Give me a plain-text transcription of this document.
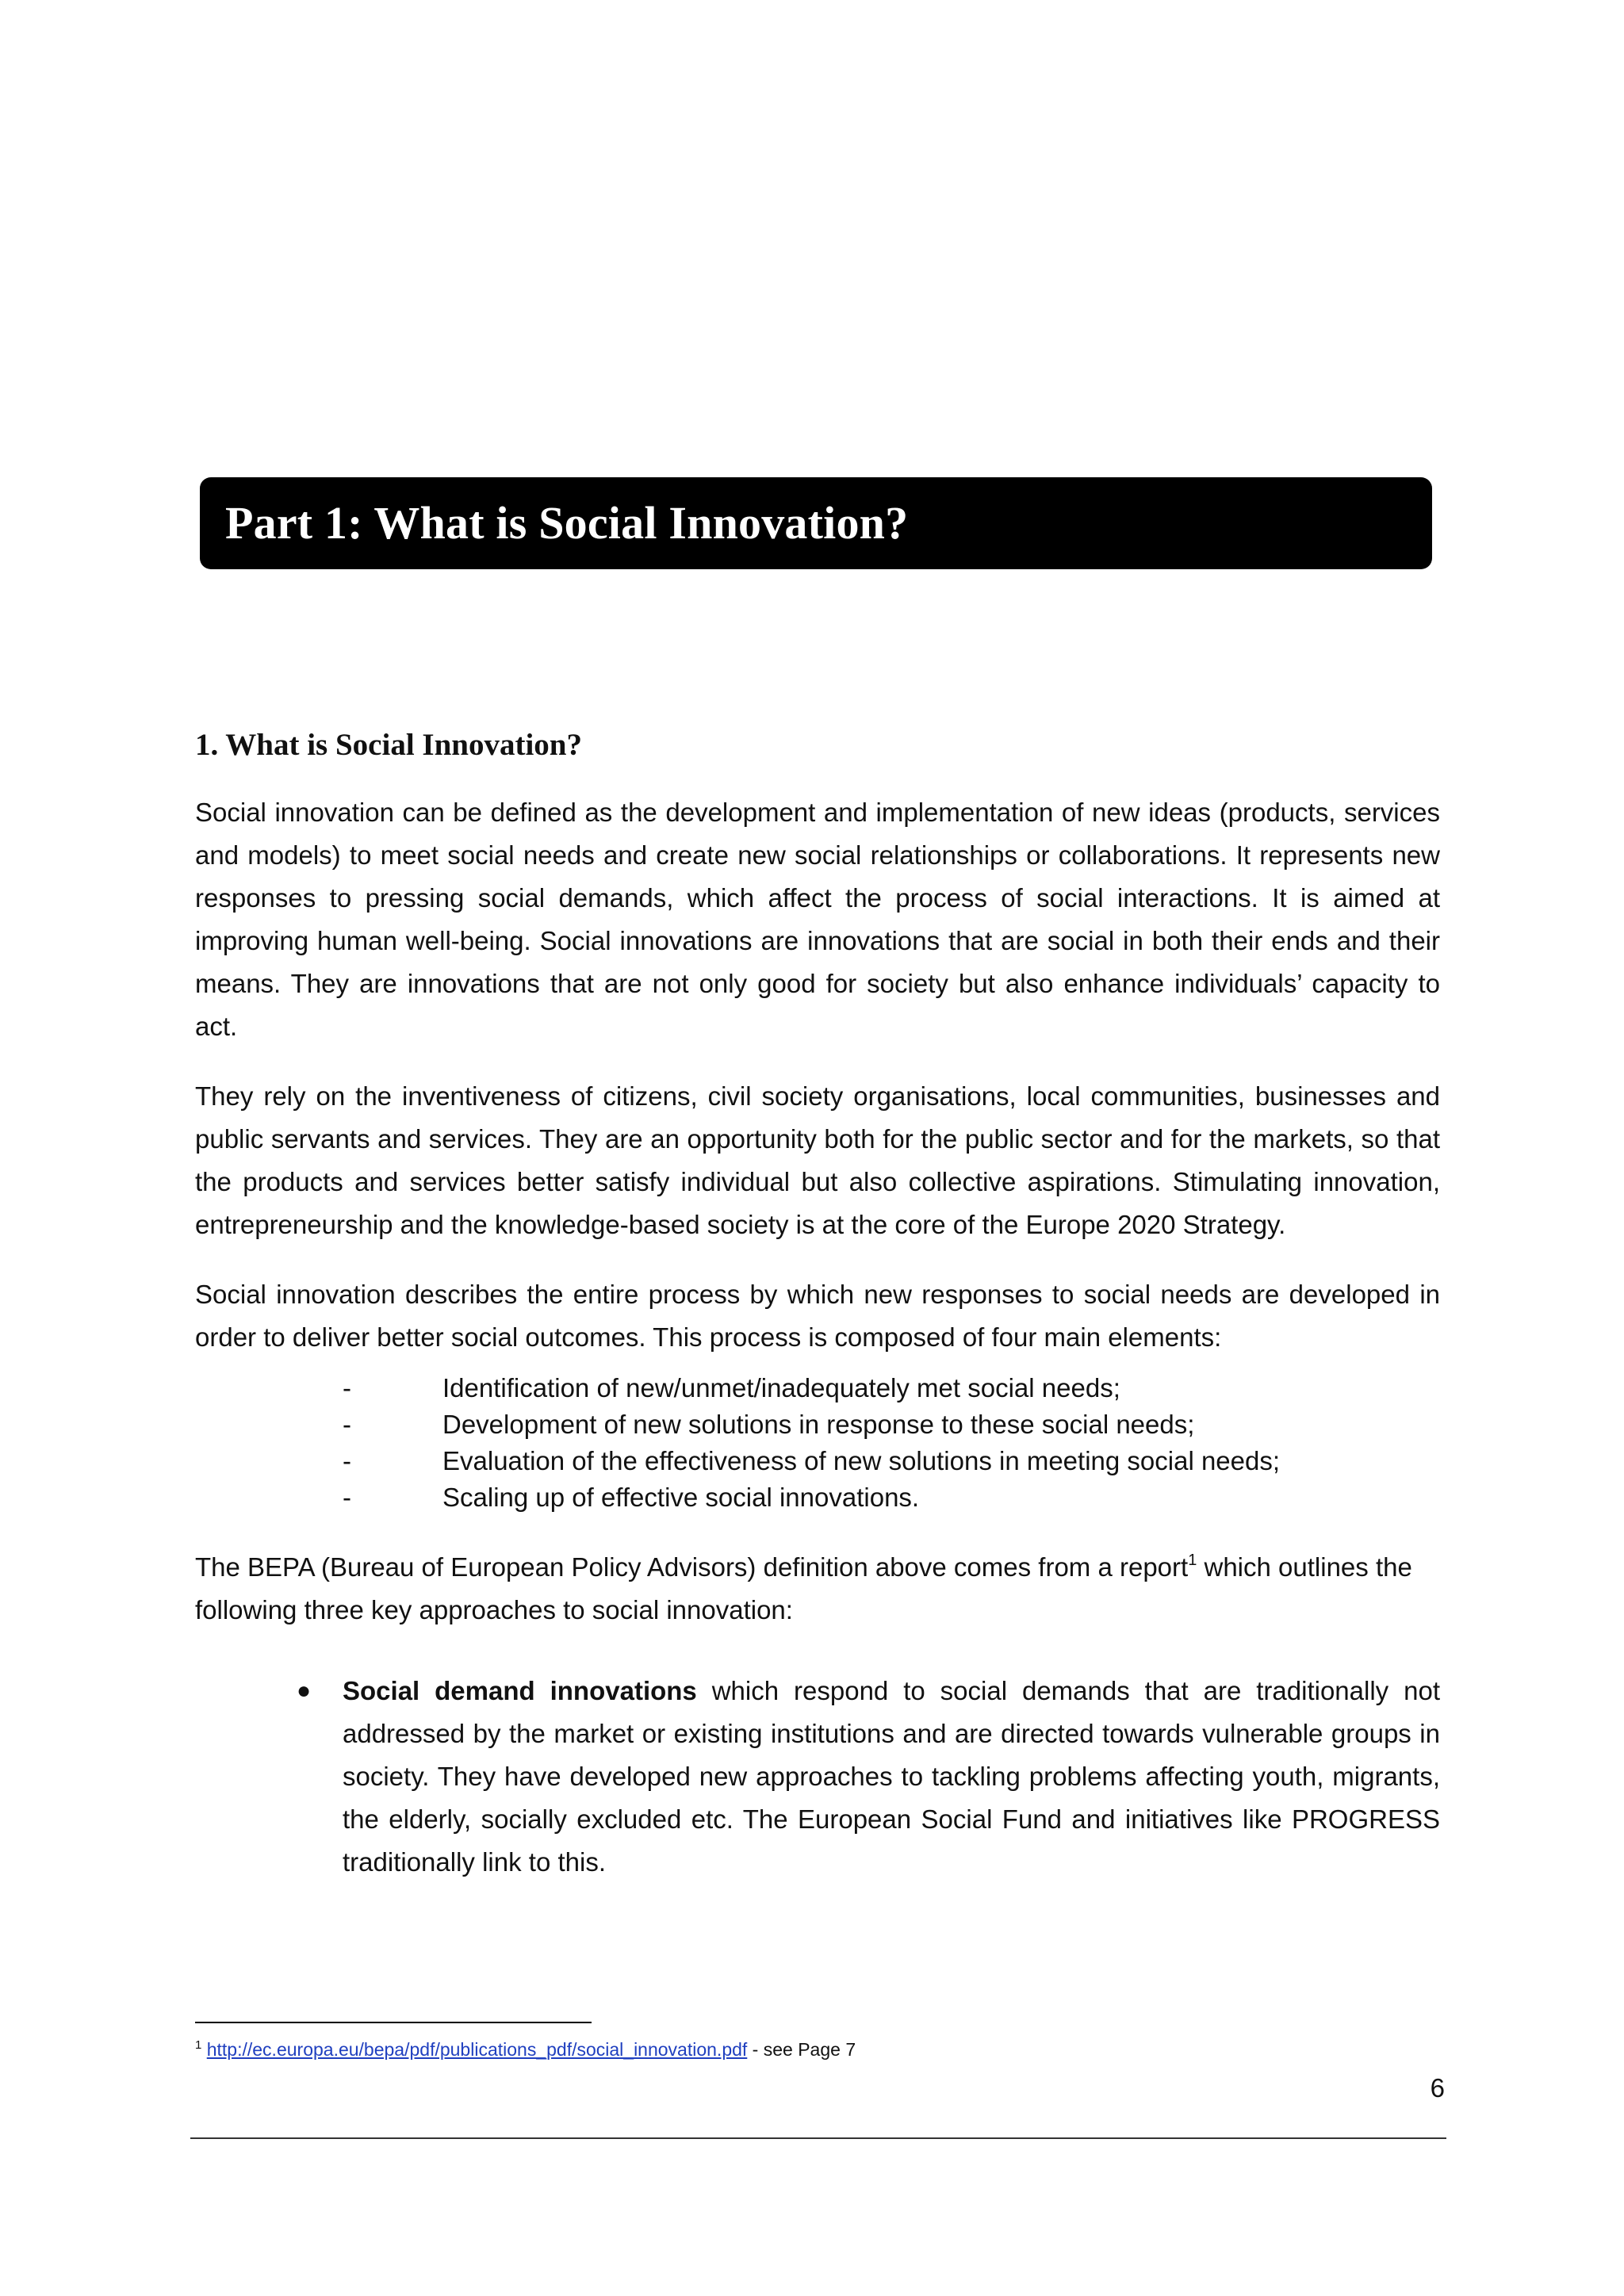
Part 1: What is Social Innovation?
1. What is Social Innovation?

Social innovation can be defined as the development and implementation of new ideas (products, services and models) to meet social needs and create new social relationships or collaborations. It represents new responses to pressing social demands, which affect the process of social interactions. It is aimed at improving human well-being. Social innovations are innovations that are social in both their ends and their means. They are innovations that are not only good for society but also enhance individuals’ capacity to act.

They rely on the inventiveness of citizens, civil society organisations, local communities, businesses and public servants and services. They are an opportunity both for the public sector and for the markets, so that the products and services better satisfy individual but also collective aspirations. Stimulating innovation, entrepreneurship and the knowledge-based society is at the core of the Europe 2020 Strategy.

Social innovation describes the entire process by which new responses to social needs are developed in order to deliver better social outcomes. This process is composed of four main elements:

-	Identification of new/unmet/inadequately met social needs;
-	Development of new solutions in response to these social needs;
-	Evaluation of the effectiveness of new solutions in meeting social needs;
-	Scaling up of effective social innovations.

The BEPA (Bureau of European Policy Advisors) definition above comes from a report$^1$ which outlines the following three key approaches to social innovation:

● Social demand innovations which respond to social demands that are traditionally not addressed by the market or existing institutions and are directed towards vulnerable groups in society. They have developed new approaches to tackling problems affecting youth, migrants, the elderly, socially excluded etc. The European Social Fund and initiatives like PROGRESS traditionally link to this.
$^1$ http://ec.europa.eu/bepa/pdf/publications_pdf/social_innovation.pdf - see Page 7
6
